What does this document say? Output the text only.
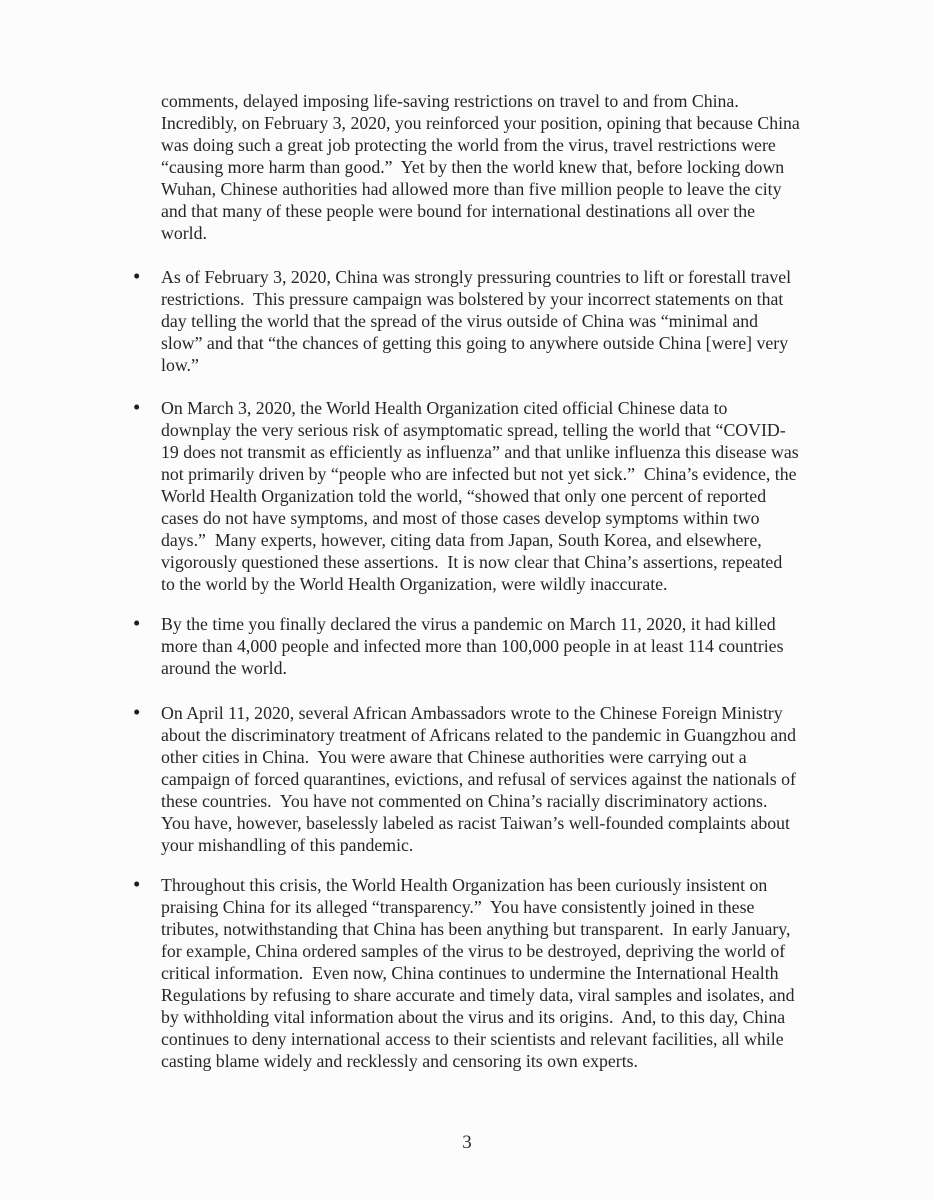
comments, delayed imposing life-saving restrictions on travel to and from China.
Incredibly, on February 3, 2020, you reinforced your position, opining that because China
was doing such a great job protecting the world from the virus, travel restrictions were
“causing more harm than good.”  Yet by then the world knew that, before locking down
Wuhan, Chinese authorities had allowed more than five million people to leave the city
and that many of these people were bound for international destinations all over the
world.
• As of February 3, 2020, China was strongly pressuring countries to lift or forestall travel
restrictions.  This pressure campaign was bolstered by your incorrect statements on that
day telling the world that the spread of the virus outside of China was “minimal and
slow” and that “the chances of getting this going to anywhere outside China [were] very
low.”
• On March 3, 2020, the World Health Organization cited official Chinese data to
downplay the very serious risk of asymptomatic spread, telling the world that “COVID-
19 does not transmit as efficiently as influenza” and that unlike influenza this disease was
not primarily driven by “people who are infected but not yet sick.”  China’s evidence, the
World Health Organization told the world, “showed that only one percent of reported
cases do not have symptoms, and most of those cases develop symptoms within two
days.”  Many experts, however, citing data from Japan, South Korea, and elsewhere,
vigorously questioned these assertions.  It is now clear that China’s assertions, repeated
to the world by the World Health Organization, were wildly inaccurate.
• By the time you finally declared the virus a pandemic on March 11, 2020, it had killed
more than 4,000 people and infected more than 100,000 people in at least 114 countries
around the world.
• On April 11, 2020, several African Ambassadors wrote to the Chinese Foreign Ministry
about the discriminatory treatment of Africans related to the pandemic in Guangzhou and
other cities in China.  You were aware that Chinese authorities were carrying out a
campaign of forced quarantines, evictions, and refusal of services against the nationals of
these countries.  You have not commented on China’s racially discriminatory actions.
You have, however, baselessly labeled as racist Taiwan’s well-founded complaints about
your mishandling of this pandemic.
• Throughout this crisis, the World Health Organization has been curiously insistent on
praising China for its alleged “transparency.”  You have consistently joined in these
tributes, notwithstanding that China has been anything but transparent.  In early January,
for example, China ordered samples of the virus to be destroyed, depriving the world of
critical information.  Even now, China continues to undermine the International Health
Regulations by refusing to share accurate and timely data, viral samples and isolates, and
by withholding vital information about the virus and its origins.  And, to this day, China
continues to deny international access to their scientists and relevant facilities, all while
casting blame widely and recklessly and censoring its own experts.
3
